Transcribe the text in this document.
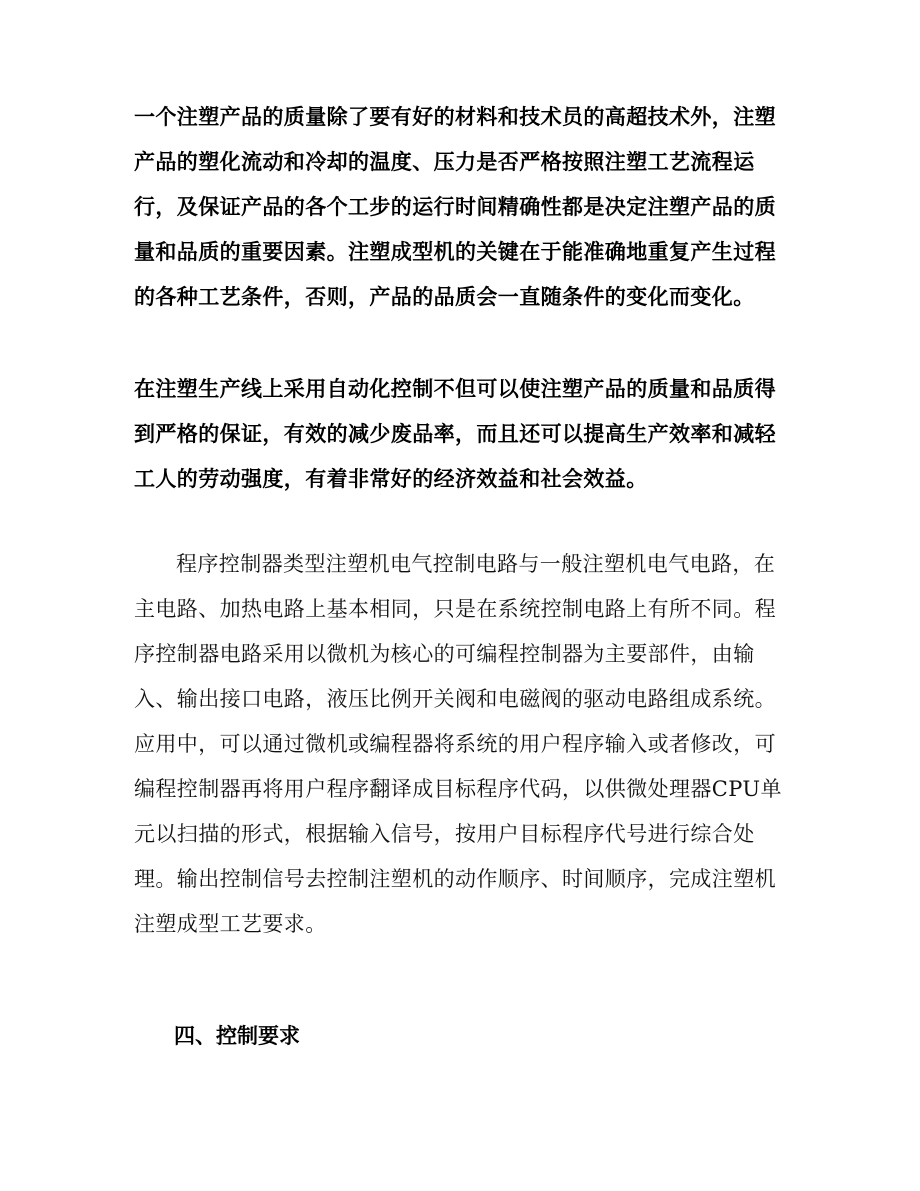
一个注塑产品的质量除了要有好的材料和技术员的高超技术外，注塑产品的塑化流动和冷却的温度、压力是否严格按照注塑工艺流程运行，及保证产品的各个工步的运行时间精确性都是决定注塑产品的质量和品质的重要因素。注塑成型机的关键在于能准确地重复产生过程的各种工艺条件，否则，产品的品质会一直随条件的变化而变化。

在注塑生产线上采用自动化控制不但可以使注塑产品的质量和品质得到严格的保证，有效的减少废品率，而且还可以提高生产效率和减轻工人的劳动强度，有着非常好的经济效益和社会效益。

程序控制器类型注塑机电气控制电路与一般注塑机电气电路，在主电路、加热电路上基本相同，只是在系统控制电路上有所不同。程序控制器电路采用以微机为核心的可编程控制器为主要部件，由输入、输出接口电路，液压比例开关阀和电磁阀的驱动电路组成系统。应用中，可以通过微机或编程器将系统的用户程序输入或者修改，可编程控制器再将用户程序翻译成目标程序代码，以供微处理器CPU单元以扫描的形式，根据输入信号，按用户目标程序代号进行综合处理。输出控制信号去控制注塑机的动作顺序、时间顺序，完成注塑机注塑成型工艺要求。

四、控制要求
